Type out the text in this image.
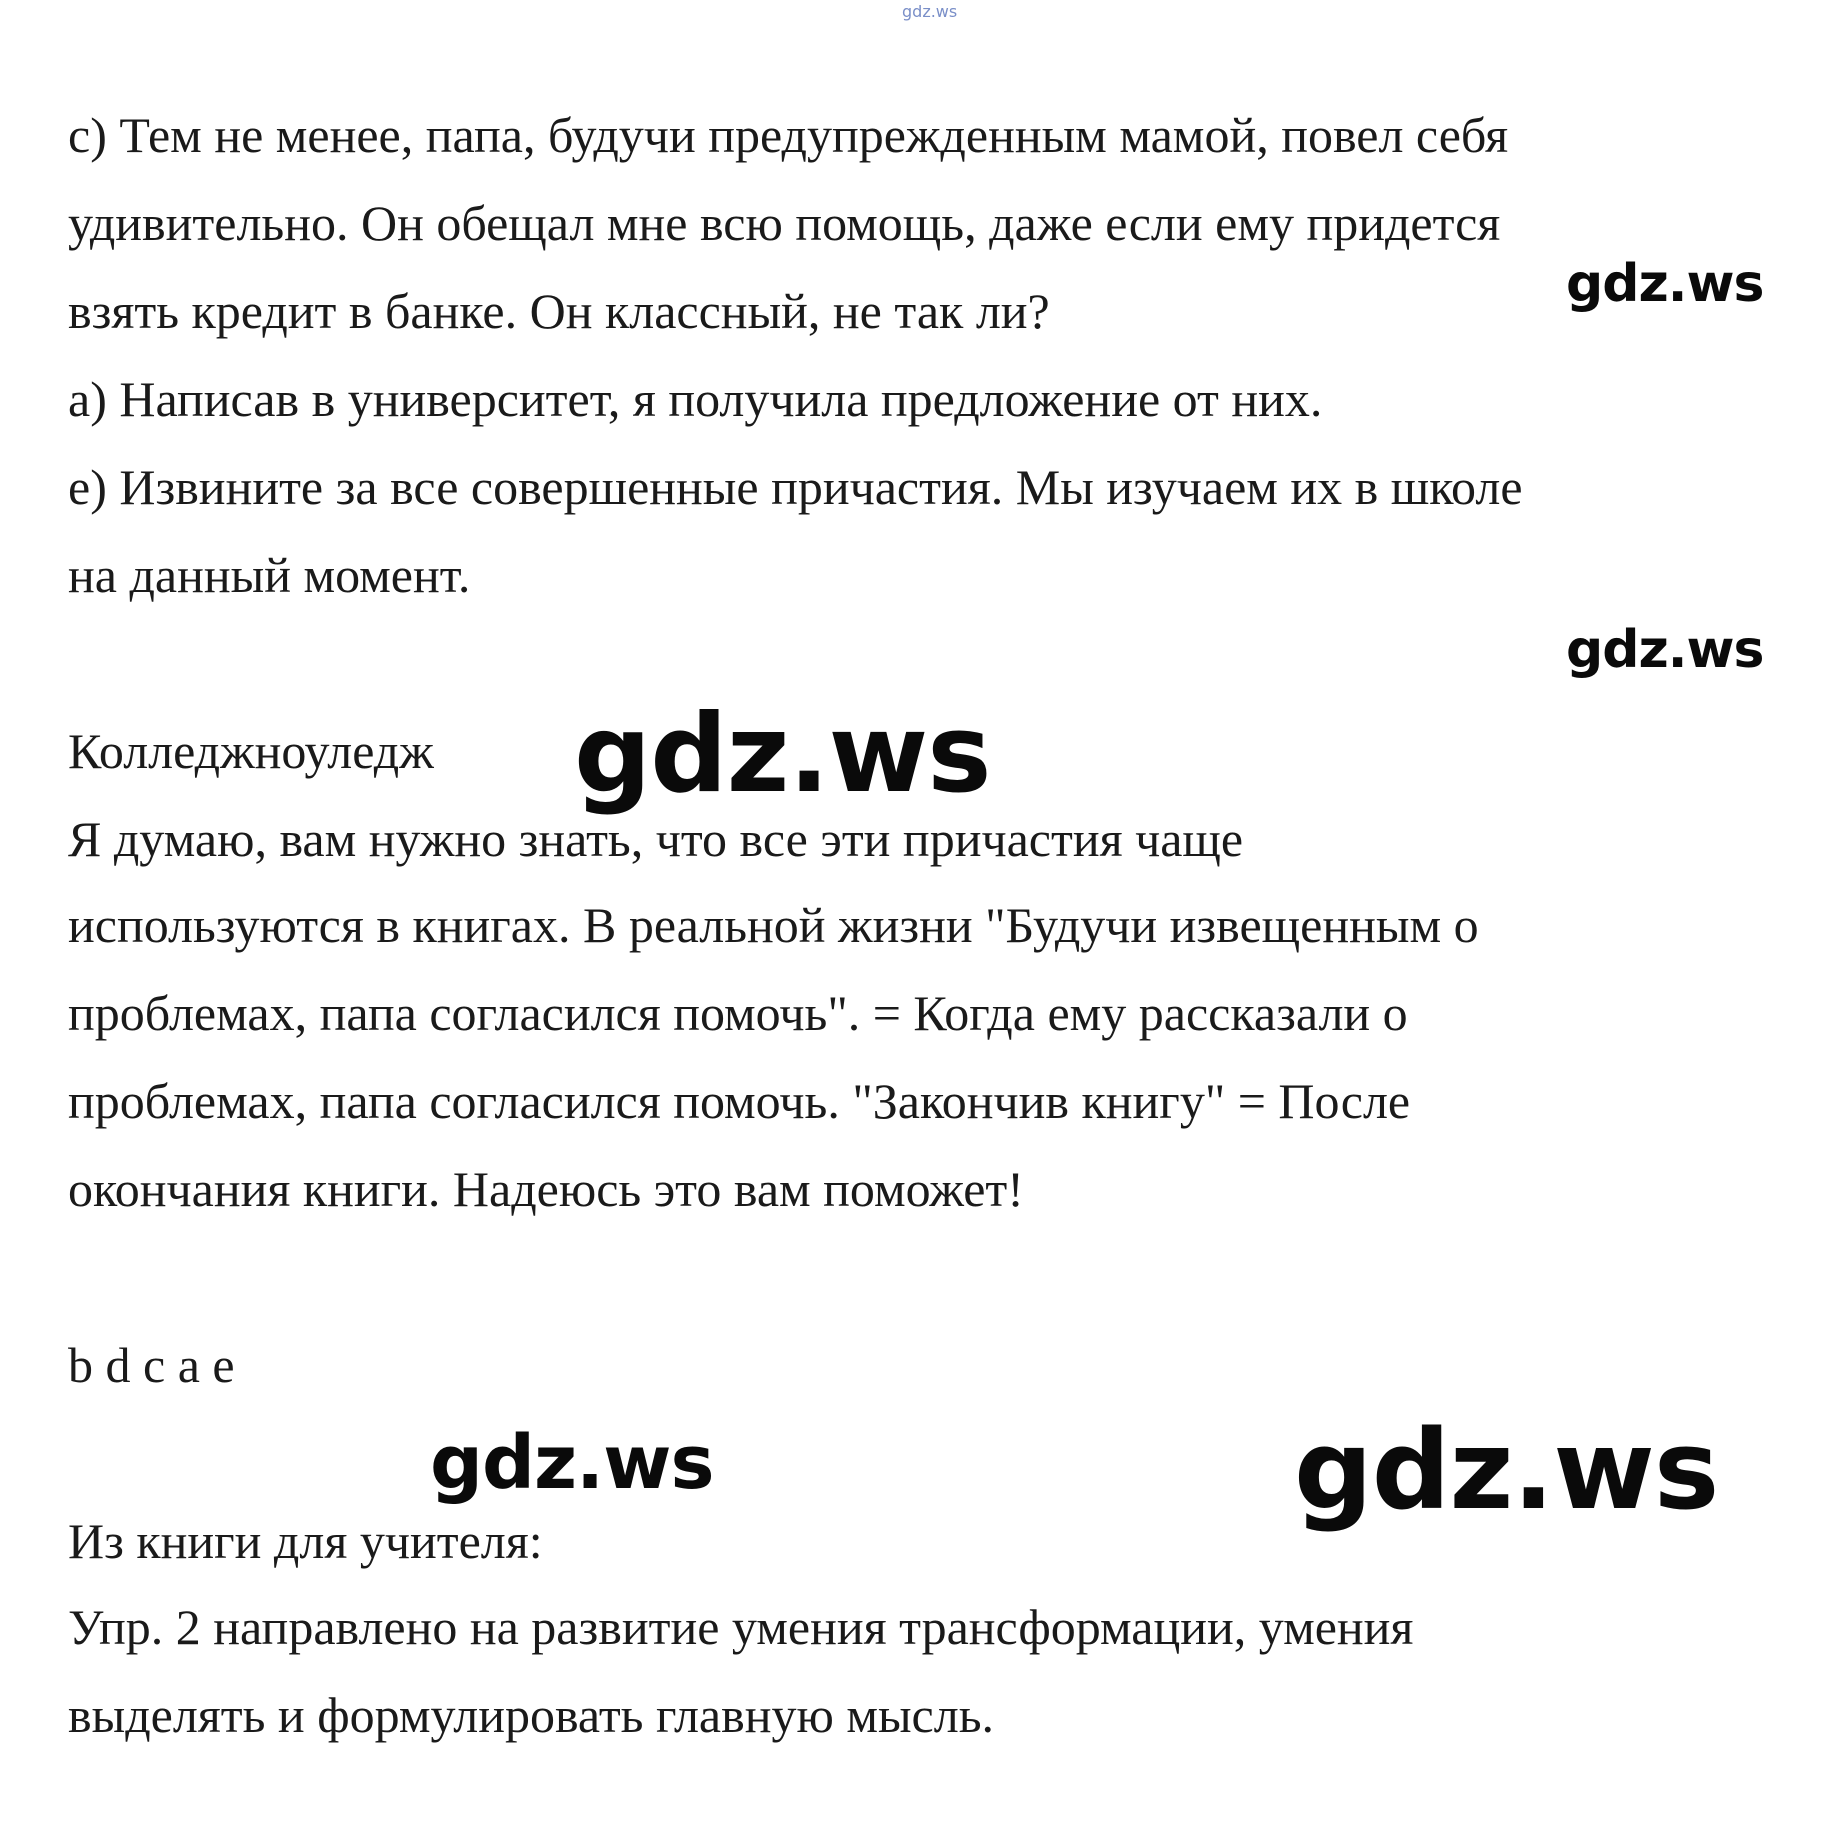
gdz.ws

c) Тем не менее, папа, будучи предупрежденным мамой, повел себя

удивительно. Он обещал мне всю помощь, даже если ему придется

взять кредит в банке. Он классный, не так ли?

a) Написав в университет, я получила предложение от них.

e) Извините за все совершенные причастия. Мы изучаем их в школе

на данный момент.

Колледжноуледж

Я думаю, вам нужно знать, что все эти причастия чаще

используются в книгах. В реальной жизни "Будучи извещенным о

проблемах, папа согласился помочь". = Когда ему рассказали о

проблемах, папа согласился помочь. "Закончив книгу" = После

окончания книги. Надеюсь это вам поможет!

b d c a e

Из книги для учителя:

Упр. 2 направлено на развитие умения трансформации, умения

выделять и формулировать главную мысль.

gdz.ws
gdz.ws
gdz.ws
gdz.ws	gdz.ws
